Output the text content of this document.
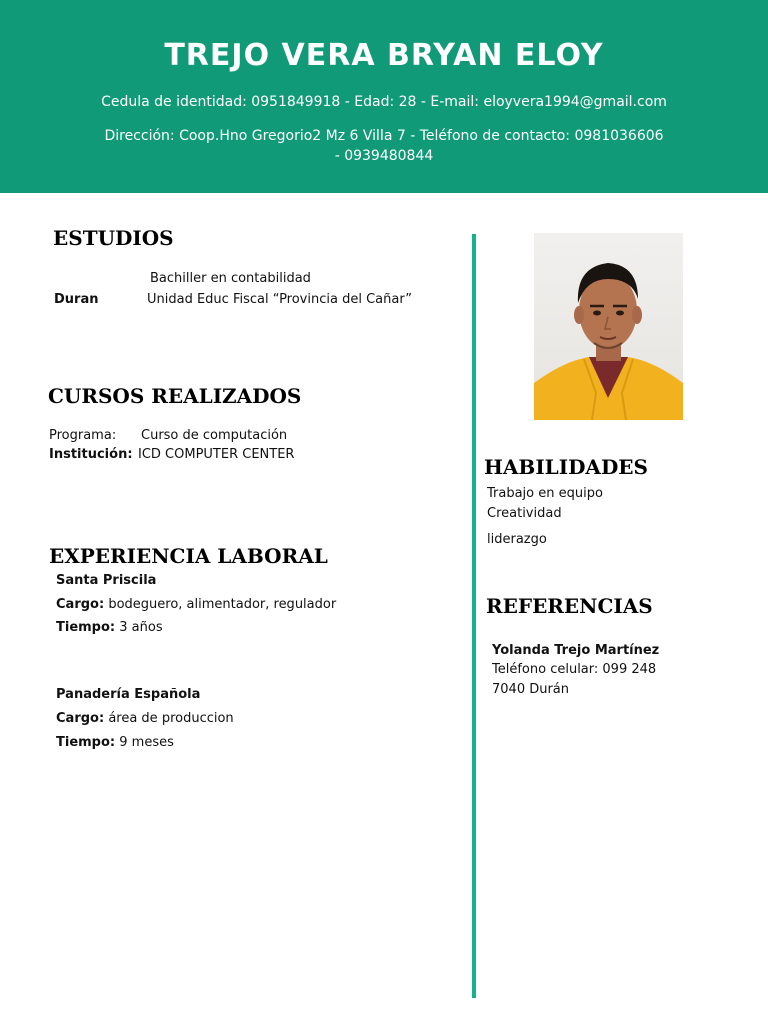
TREJO VERA BRYAN ELOY
Cedula de identidad: 0951849918 - Edad: 28 - E-mail: eloyvera1994@gmail.com
Dirección: Coop.Hno Gregorio2 Mz 6 Villa 7 - Teléfono de contacto: 0981036606 - 0939480844
ESTUDIOS
Bachiller en contabilidad
Duran	Unidad Educ Fiscal “Provincia del Cañar”
CURSOS REALIZADOS
Programa: Curso de computación
Institución: ICD COMPUTER CENTER
EXPERIENCIA LABORAL
Santa Priscila
Cargo: bodeguero, alimentador, regulador
Tiempo: 3 años
Panadería Española
Cargo: área de produccion
Tiempo: 9 meses
HABILIDADES
Trabajo en equipo
Creatividad
liderazgo
REFERENCIAS
Yolanda Trejo Martínez
Teléfono celular: 099 248
7040 Durán
